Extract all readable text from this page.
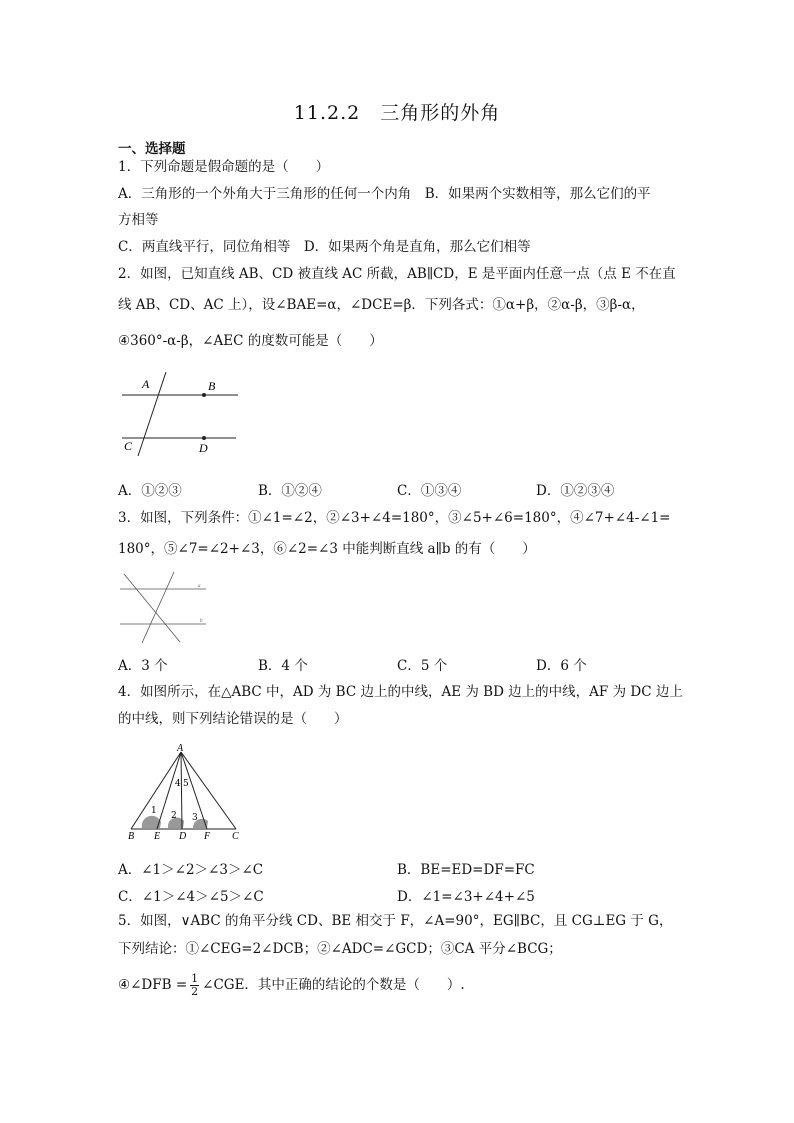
11.2.2　三角形的外角
一、选择题
1．下列命题是假命题的是（　　）
A．三角形的一个外角大于三角形的任何一个内角　B．如果两个实数相等，那么它们的平
方相等
C．两直线平行，同位角相等　D．如果两个角是直角，那么它们相等
2．如图，已知直线 AB、CD 被直线 AC 所截，AB∥CD，E 是平面内任意一点（点 E 不在直
线 AB、CD、AC 上），设∠BAE=α，∠DCE=β．下列各式：①α+β，②α-β，③β-α，
④360°-α-β，∠AEC 的度数可能是（　　）
A	B
C	D
A．①②③	B．①②④	C．①③④	D．①②③④
3．如图，下列条件：①∠1=∠2，②∠3+∠4=180°，③∠5+∠6=180°，④∠7+∠4-∠1=
180°，⑤∠7=∠2+∠3，⑥∠2=∠3 中能判断直线 a∥b 的有（　　）
a
b
A．3 个	B．4 个	C．5 个	D．6 个
4．如图所示，在△ABC 中，AD 为 BC 边上的中线，AE 为 BD 边上的中线，AF 为 DC 边上
的中线，则下列结论错误的是（　　）
A
B E D F C
1 2 3
4 5
A．∠1＞∠2＞∠3＞∠C	B．BE=ED=DF=FC
C．∠1＞∠4＞∠5＞∠C	D．∠1=∠3+∠4+∠5
5．如图，∨ABC 的角平分线 CD、BE 相交于 F，∠A=90°，EG∥BC，且 CG⊥EG 于 G，
下列结论：①∠CEG=2∠DCB；②∠ADC=∠GCD；③CA 平分∠BCG；
④∠DFB = $\frac{1}{2}$ ∠CGE．其中正确的结论的个数是（　　）.
